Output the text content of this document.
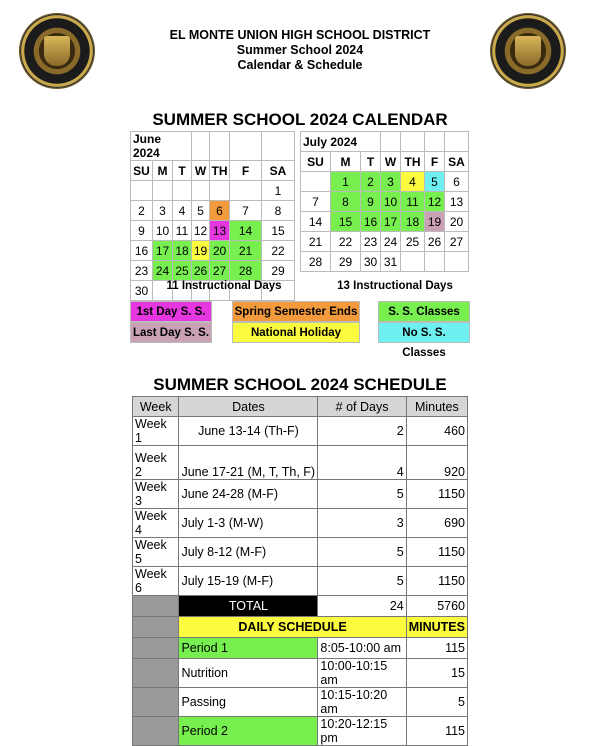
EL MONTE UNION HIGH SCHOOL DISTRICT
Summer School 2024
Calendar & Schedule
SUMMER SCHOOL 2024 CALENDAR
June 2024						
SU	M	T	W	TH	F	SA
						1
2	3	4	5	6	7	8
9	10	11	12	13	14	15
16	17	18	19	20	21	22
23	24	25	26	27	28	29
30						
July 2024						
SU	M	T	W	TH	F	SA
	1	2	3	4	5	6
7	8	9	10	11	12	13
14	15	16	17	18	19	20
21	22	23	24	25	26	27
28	29	30	31			
11 Instructional Days	13 Instructional Days
1st Day S. S.	Spring Semester Ends	S. S. Classes
Last Day S. S.	National Holiday	No S. S. Classes
SUMMER SCHOOL 2024 SCHEDULE
Week	Dates	# of Days	Minutes
Week 1	June 13-14 (Th-F)	2	460
Week 2	June 17-21 (M, T, Th, F)	4	920
Week 3	June 24-28 (M-F)	5	1150
Week 4	July 1-3 (M-W)	3	690
Week 5	July 8-12 (M-F)	5	1150
Week 6	July 15-19 (M-F)	5	1150
	TOTAL	24	5760
	DAILY SCHEDULE		MINUTES
	Period 1	8:05-10:00 am	115
	Nutrition	10:00-10:15 am	15
	Passing	10:15-10:20 am	5
	Period 2	10:20-12:15 pm	115
